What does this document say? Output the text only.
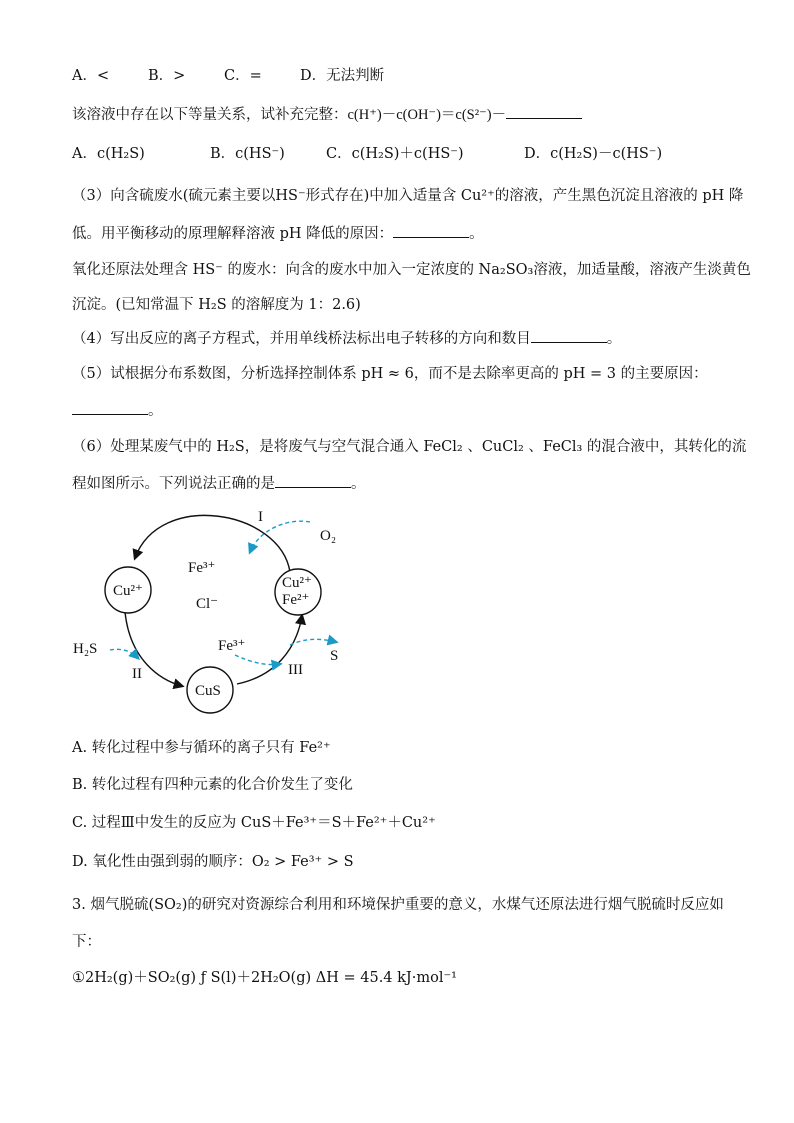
A．<	B．>	C．=	D．无法判断
该溶液中存在以下等量关系，试补充完整：c(H⁺)－c(OH⁻)＝c(S²⁻)－
A．c(H₂S)	B．c(HS⁻)	C．c(H₂S)＋c(HS⁻)	D．c(H₂S)－c(HS⁻)
（3）向含硫废水(硫元素主要以HS⁻形式存在)中加入适量含 Cu²⁺的溶液，产生黑色沉淀且溶液的 pH 降
低。用平衡移动的原理解释溶液 pH 降低的原因：	。
氧化还原法处理含 HS⁻ 的废水：向含的废水中加入一定浓度的 Na₂SO₃溶液，加适量酸，溶液产生淡黄色
沉淀。(已知常温下 H₂S 的溶解度为 1：2.6)
（4）写出反应的离子方程式，并用单线桥法标出电子转移的方向和数目	。
（5）试根据分布系数图，分析选择控制体系 pH ≈ 6，而不是去除率更高的 pH = 3 的主要原因：
。
（6）处理某废气中的 H₂S，是将废气与空气混合通入 FeCl₂ 、CuCl₂ 、FeCl₃ 的混合液中，其转化的流
程如图所示。下列说法正确的是	。
I
O₂
Fe³⁺
Cl⁻
Cu²⁺	Cu²⁺
Fe²⁺
CuS
H₂S
II
Fe³⁺
S
III
A. 转化过程中参与循环的离子只有 Fe²⁺
B. 转化过程有四种元素的化合价发生了变化
C. 过程Ⅲ中发生的反应为 CuS＋Fe³⁺＝S＋Fe²⁺＋Cu²⁺
D. 氧化性由强到弱的顺序：O₂ > Fe³⁺ > S
3. 烟气脱硫(SO₂)的研究对资源综合利用和环境保护重要的意义，水煤气还原法进行烟气脱硫时反应如
下：
①2H₂(g)＋SO₂(g) ƒ S(l)＋2H₂O(g) ΔH = 45.4 kJ·mol⁻¹
